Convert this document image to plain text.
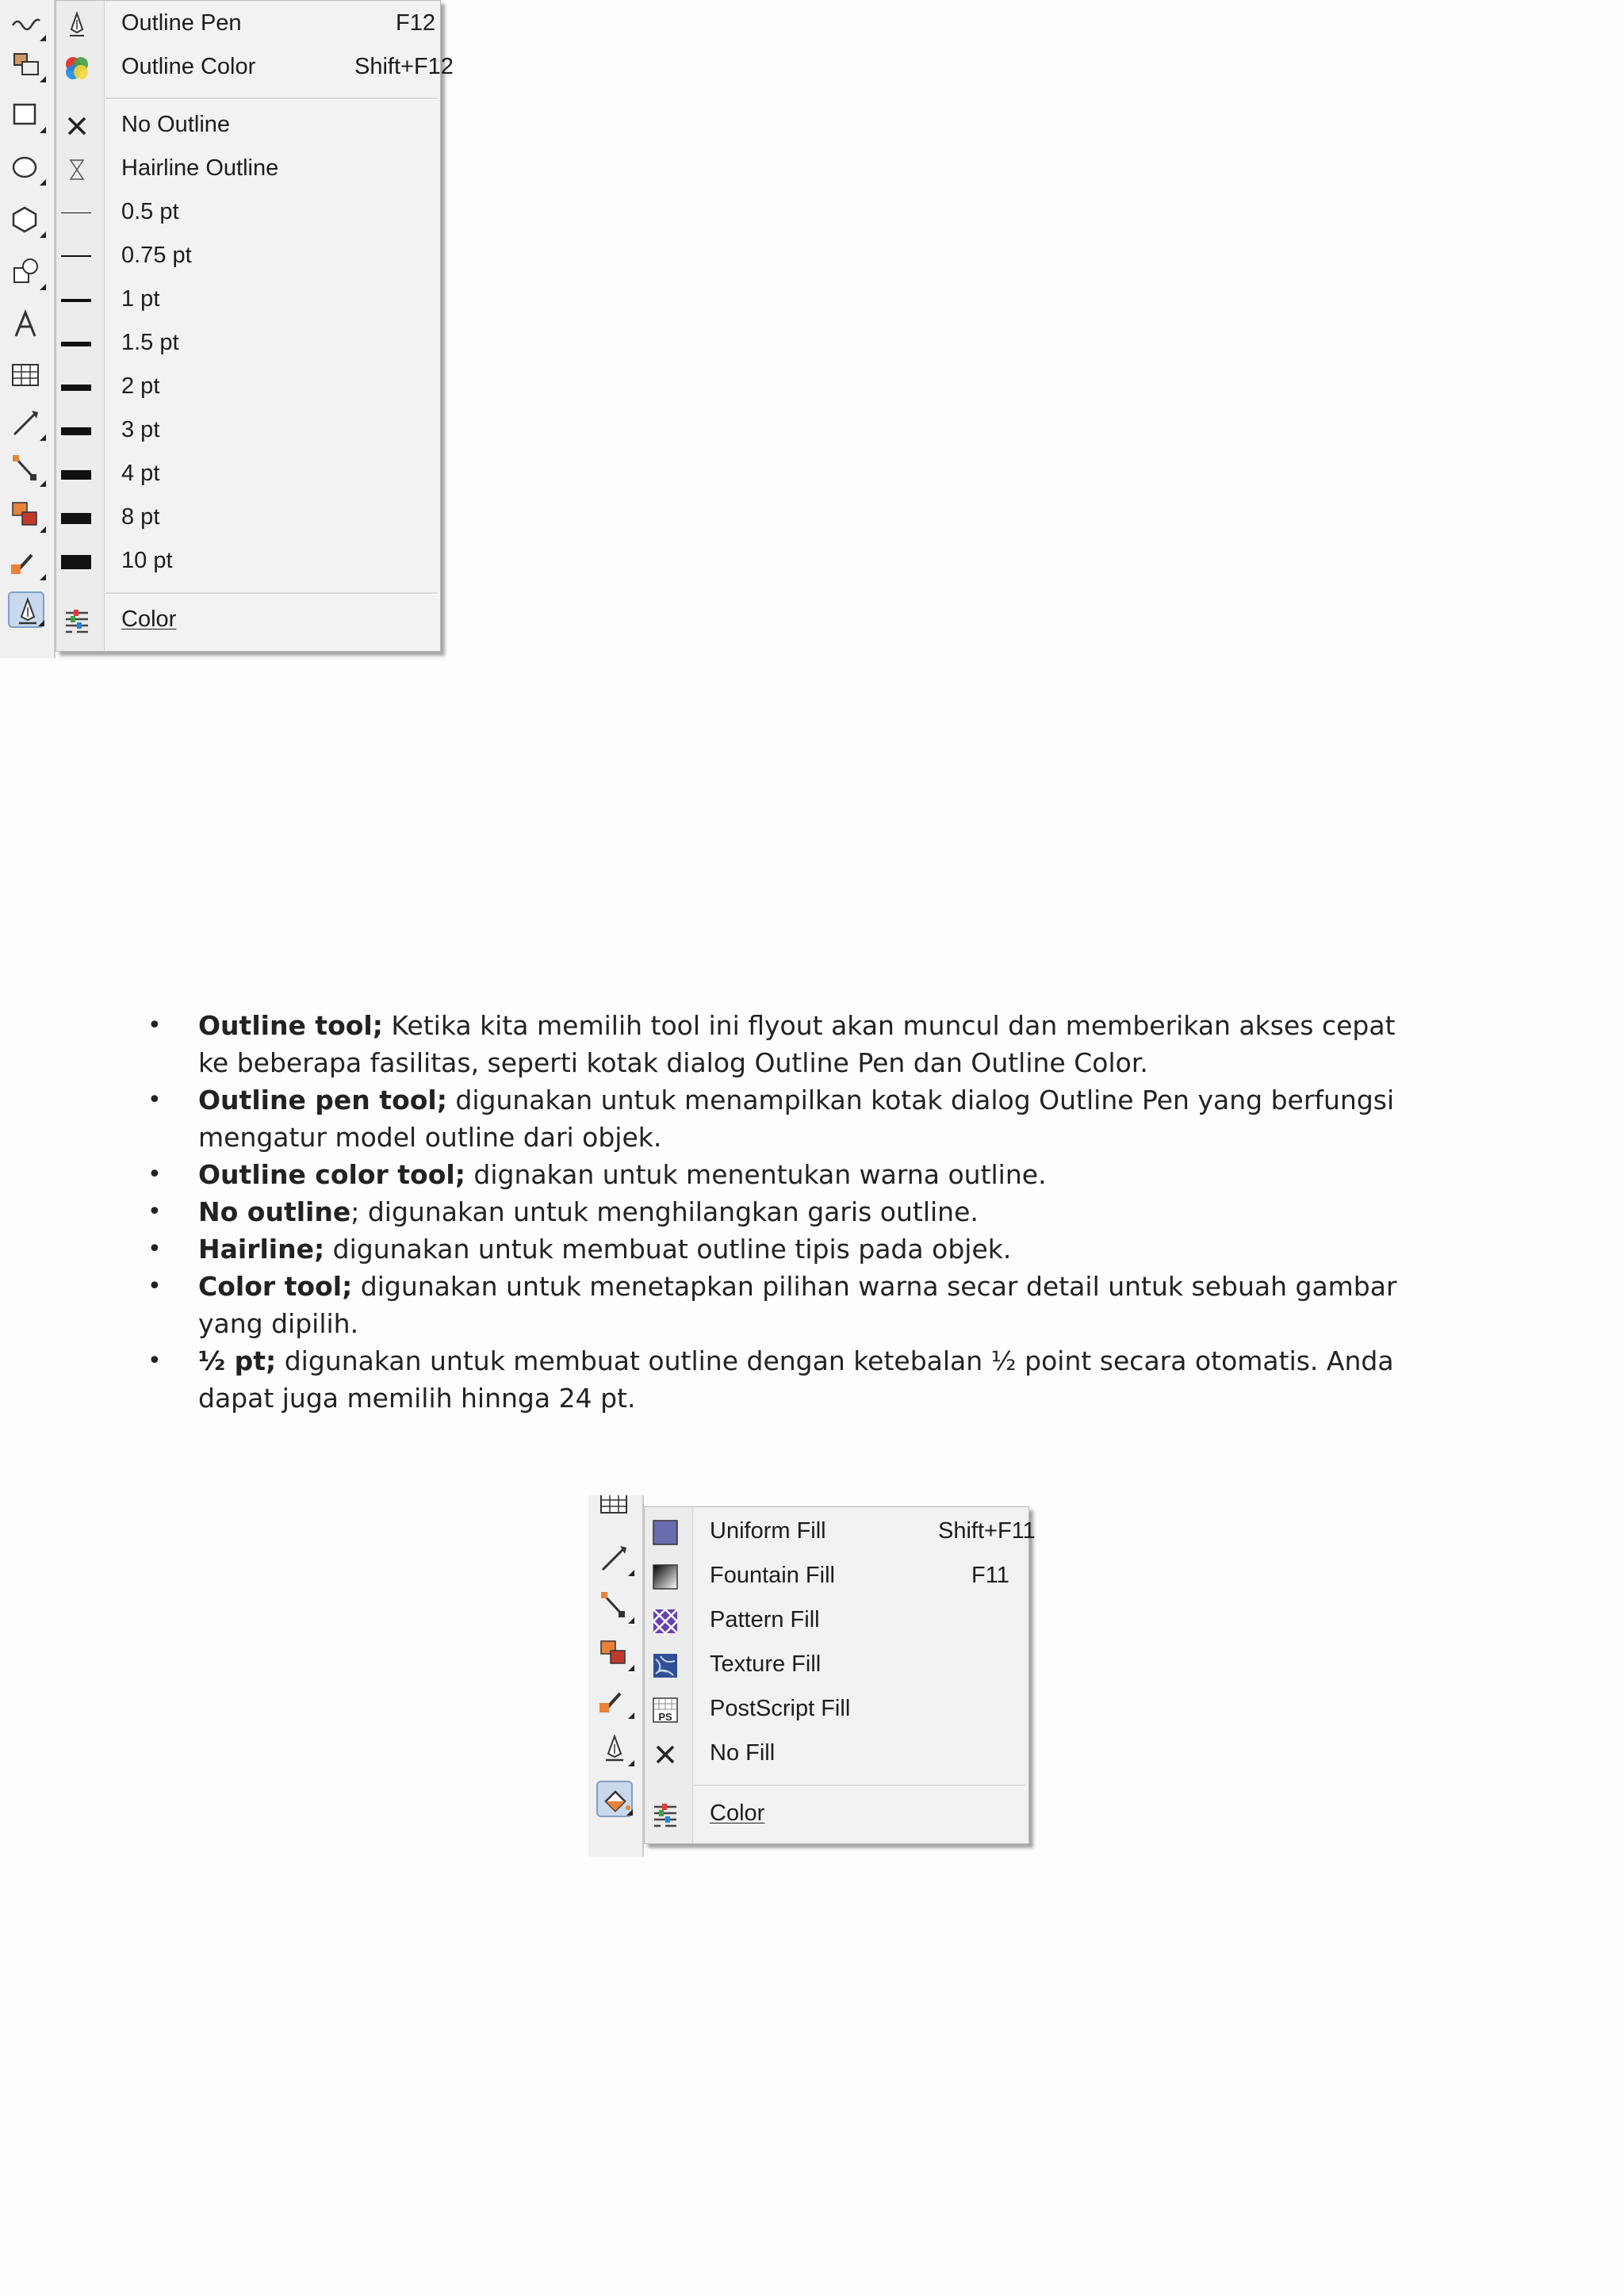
Outline Pen	F12
Outline Color	Shift+F12
No Outline
Hairline Outline
0.5 pt
0.75 pt
1 pt
1.5 pt
2 pt
3 pt
4 pt
8 pt
10 pt
Color

• Outline tool; Ketika kita memilih tool ini flyout akan muncul dan memberikan akses cepat ke beberapa fasilitas, seperti kotak dialog Outline Pen dan Outline Color.

• Outline pen tool; digunakan untuk menampilkan kotak dialog Outline Pen yang berfungsi mengatur model outline dari objek.

• Outline color tool; dignakan untuk menentukan warna outline.

• No outline; digunakan untuk menghilangkan garis outline.

• Hairline; digunakan untuk membuat outline tipis pada objek.

• Color tool; digunakan untuk menetapkan pilihan warna secar detail untuk sebuah gambar yang dipilih.

• ½ pt; digunakan untuk membuat outline dengan ketebalan ½ point secara otomatis. Anda dapat juga memilih hinnga 24 pt.

Uniform Fill	Shift+F11
Fountain Fill	F11
Pattern Fill
Texture Fill
PS PostScript Fill
No Fill
Color
